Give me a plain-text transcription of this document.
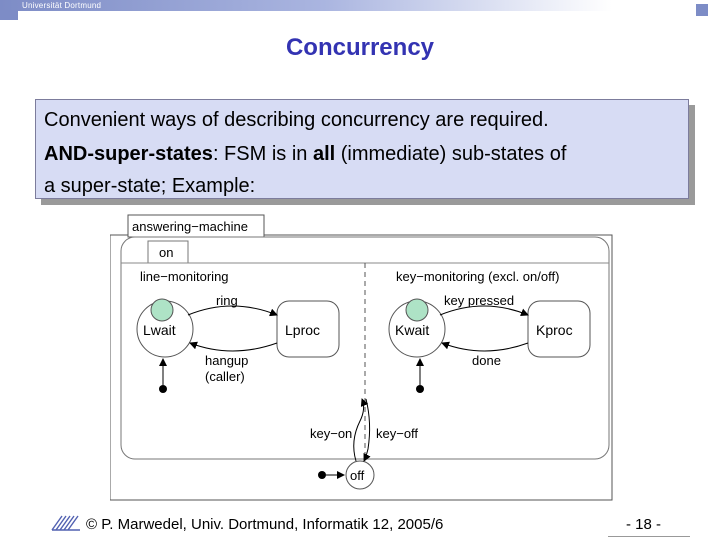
Universität Dortmund
Concurrency
Convenient ways of describing concurrency are required.
AND-super-states: FSM is in all (immediate) sub-states of
a super-state; Example:
answering−machine
on
line−monitoring	key−monitoring (excl. on/off)
Lwait	Lproc
ring
hangup
(caller)
Kwait	Kproc
key pressed
done
off
key−on key−off
© P. Marwedel, Univ. Dortmund, Informatik 12, 2005/6	- 18 -
